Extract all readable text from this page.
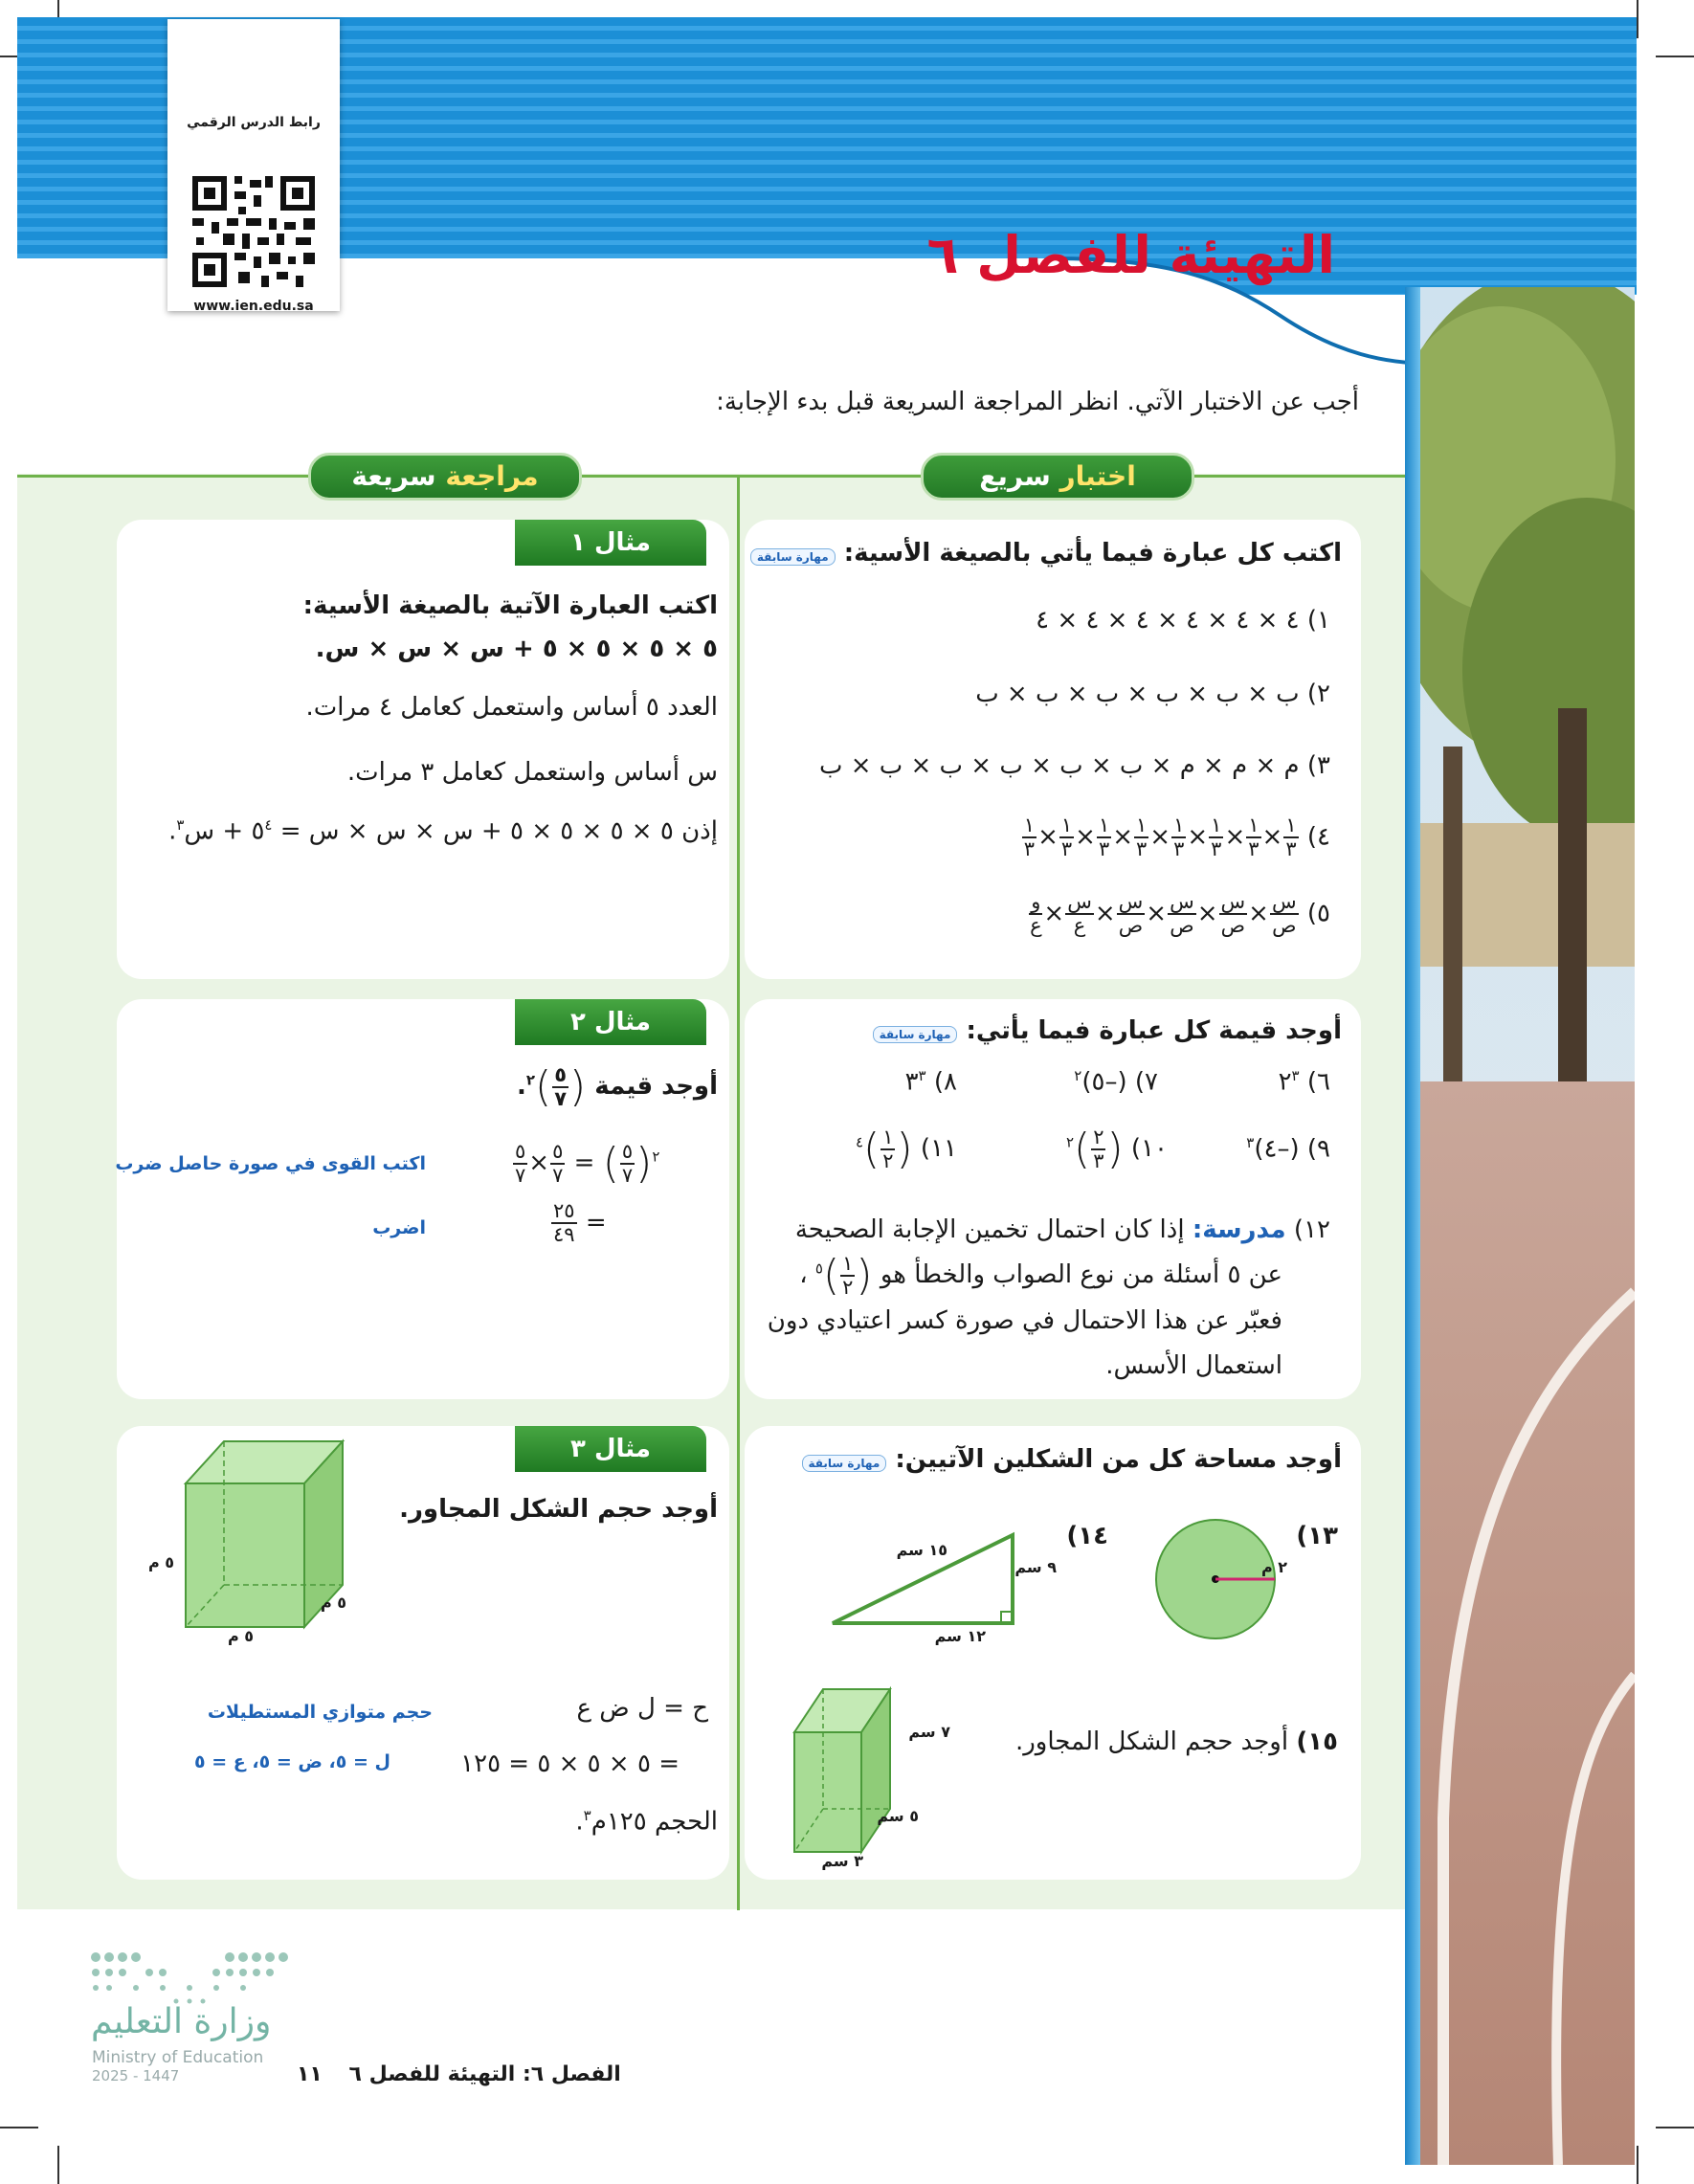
رابط الدرس الرقمي
www.ien.edu.sa
التهيئة للفصل ٦
أجب عن الاختبار الآتي. انظر المراجعة السريعة قبل بدء الإجابة:
اختبار سريع
مراجعة سريعة
اكتب كل عبارة فيما يأتي بالصيغة الأسية: مهارة سابقة
١) ٤ × ٤ × ٤ × ٤ × ٤ × ٤
٢) ب × ب × ب × ب × ب × ب
٣) م × م × م × ب × ب × ب × ب × ب × ب
٤)
$\frac{١}{٣}$
×
$\frac{١}{٣}$
×
$\frac{١}{٣}$
×
$\frac{١}{٣}$
×
$\frac{١}{٣}$
×
$\frac{١}{٣}$
×
$\frac{١}{٣}$
×
$\frac{١}{٣}$
٥)
$\frac{\text{س}}{\text{ص}}$
×
$\frac{\text{س}}{\text{ص}}$
×
$\frac{\text{س}}{\text{ص}}$
×
$\frac{\text{س}}{\text{ص}}$
×
$\frac{\text{س}}{\text{ع}}$
×
$\frac{\text{و}}{\text{ع}}$
أوجد قيمة كل عبارة فيما يأتي: مهارة سابقة
٦) $٢^٣$
٧) (–٥)$^٢$
٨) $٣^٣$
٩) (–٤)$^٣$
١٠) (
$\frac{٢}{٣}$
)$^٢$
١١) (
$\frac{١}{٢}$
)$^٤$
١٢) مدرسة: إذا كان احتمال تخمين الإجابة الصحيحة
عن ٥ أسئلة من نوع الصواب والخطأ هو (
$\frac{١}{٢}$
)$^٥$ ،
فعبّر عن هذا الاحتمال في صورة كسر اعتيادي دون
استعمال الأسس.
أوجد مساحة كل من الشكلين الآتيين: مهارة سابقة
١٣)
٢ م
١٤)
١٥ سم
٩ سم
١٢ سم
١٥) أوجد حجم الشكل المجاور.
٧ سم
٥ سم
٣ سم
مثال ١
اكتب العبارة الآتية بالصيغة الأسية:
٥ × ٥ × ٥ × ٥ + س × س × س.
العدد ٥ أساس واستعمل كعامل ٤ مرات.
س أساس واستعمل كعامل ٣ مرات.
إذن ٥ × ٥ × ٥ × ٥ + س × س × س = $٥^٤$ + س$^٣$.
مثال ٢
أوجد قيمة (
$\frac{٥}{٧}$
)$^٢$.
$\frac{٥}{٧} \times \frac{٥}{٧}$ = ( $\frac{٥}{٧} )^٢$
$\frac{٢٥}{٤٩}$ =
اكتب القوى في صورة حاصل ضرب
اضرب
مثال ٣
أوجد حجم الشكل المجاور.
٥ م
٥ م
٥ م
ح = ل ض ع
= ٥ × ٥ × ٥ = ١٢٥
الحجم ١٢٥م$^٣$.
حجم متوازي المستطيلات
ل = ٥، ض = ٥، ع = ٥
وزارة التعليم
Ministry of Education
2025 - 1447	الفصل ٦: التهيئة للفصل ٦ ١١
